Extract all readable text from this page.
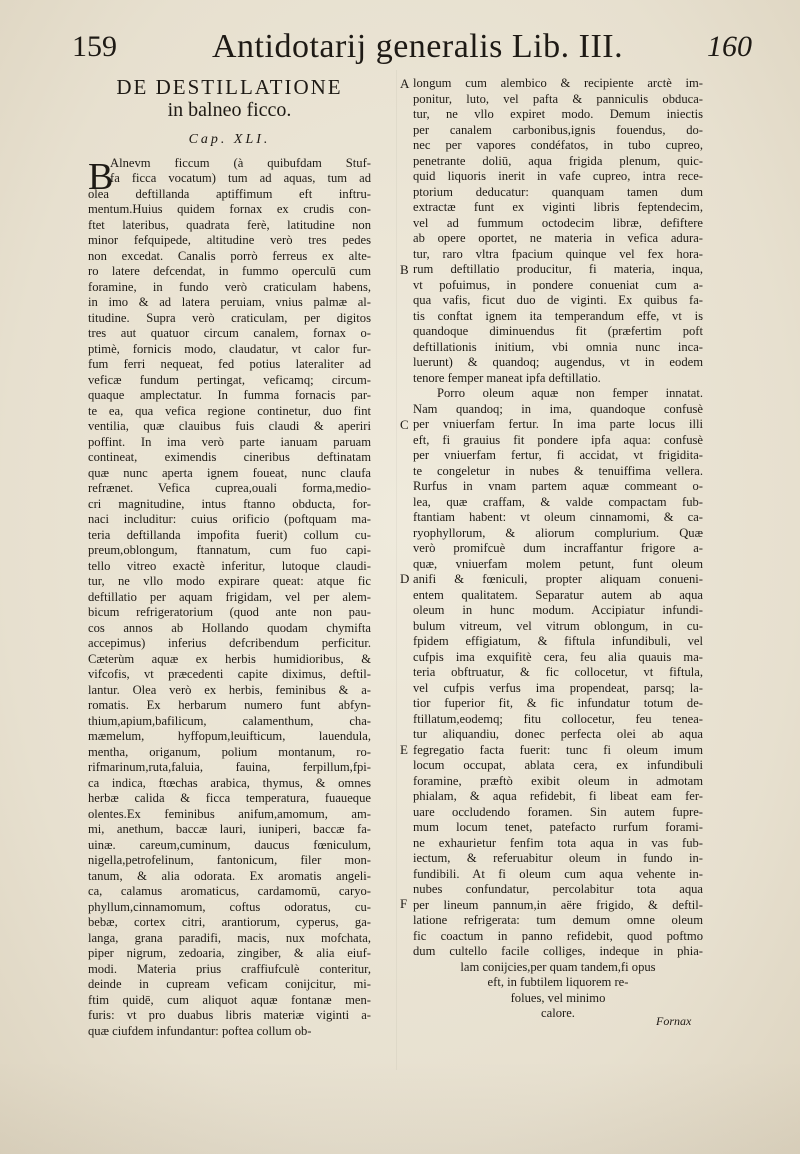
159	Antidotarij generalis Lib. III.	160
DE DESTILLATIONE
in balneo ficco.
Cap. XLI.
Alnevm ficcum (à quibufdam Stuf-
fa ficca vocatum) tum ad aquas, tum ad
olea deftillanda aptiffimum eft inftru-
mentum.Huius quidem fornax ex crudis con-
ftet lateribus, quadrata ferè, latitudine non
minor fefquipede, altitudine verò tres pedes
non excedat. Canalis porrò ferreus ex alte-
ro latere defcendat, in fummo operculū cum
foramine, in fundo verò craticulam habens,
in imo & ad latera peruiam, vnius palmæ al-
titudine. Supra verò craticulam, per digitos
tres aut quatuor circum canalem, fornax o-
ptimè, fornicis modo, claudatur, vt calor fur-
fum ferri nequeat, fed potius lateraliter ad
veficæ fundum pertingat, veficamq; circum-
quaque amplectatur. In fumma fornacis par-
te ea, qua vefica regione continetur, duo fint
ventilia, quæ clauibus fuis claudi & aperiri
poffint. In ima verò parte ianuam paruam
contineat, eximendis cineribus deftinatam
quæ nunc aperta ignem foueat, nunc claufa
refrænet. Vefica cuprea,ouali forma,medio-
cri magnitudine, intus ftanno obducta, for-
naci includitur: cuius orificio (poftquam ma-
teria deftillanda impofita fuerit) collum cu-
preum,oblongum, ftannatum, cum fuo capi-
tello vitreo exactè inferitur, lutoque claudi-
tur, ne vllo modo expirare queat: atque fic
deftillatio per aquam frigidam, vel per alem-
bicum refrigeratorium (quod ante non pau-
cos annos ab Hollando quodam chymifta
accepimus) inferius defcribendum perficitur.
Cæterùm aquæ ex herbis humidioribus, &
vifcofis, vt præcedenti capite diximus, deftil-
lantur. Olea verò ex herbis, feminibus & a-
romatis. Ex herbarum numero funt abfyn-
thium,apium,bafilicum, calamenthum, cha-
mæmelum, hyffopum,leuifticum, lauendula,
mentha, origanum, polium montanum, ro-
rifmarinum,ruta,faluia, fauina, ferpillum,fpi-
ca indica, ftœchas arabica, thymus, & omnes
herbæ calida & ficca temperatura, fuaueque
olentes.Ex feminibus anifum,amomum, am-
mi, anethum, baccæ lauri, iuniperi, baccæ fa-
uinæ. careum,cuminum, daucus fœniculum,
nigella,petrofelinum, fantonicum, filer mon-
tanum, & alia odorata. Ex aromatis angeli-
ca, calamus aromaticus, cardamomū, caryo-
phyllum,cinnamomum, coftus odoratus, cu-
bebæ, cortex citri, arantiorum, cyperus, ga-
langa, grana paradifi, macis, nux mofchata,
piper nigrum, zedoaria, zingiber, & alia eiuf-
modi. Materia prius craffiufculè conteritur,
deinde in cupream veficam conijcitur, mi-
ftim quidē, cum aliquot aquæ fontanæ men-
furis: vt pro duabus libris materiæ viginti a-
quæ ciufdem infundantur: poftea collum ob-
B
longum cum alembico & recipiente arctè im-
ponitur, luto, vel pafta & panniculis obduca-
tur, ne vllo expiret modo. Demum iniectis
per canalem carbonibus,ignis fouendus, do-
nec per vapores condéfatos, in tubo cupreo,
penetrante doliū, aqua frigida plenum, quic-
quid liquoris inerit in vafe cupreo, intra rece-
ptorium deducatur: quanquam tamen dum
extractæ funt ex viginti libris feptendecim,
vel ad fummum octodecim libræ, defiftere
ab opere oportet, ne materia in vefica adura-
tur, raro vltra fpacium quinque vel fex hora-
rum deftillatio producitur, fi materia, inqua,
vt pofuimus, in pondere conueniat cum a-
qua vafis, ficut duo de viginti. Ex quibus fa-
tis conftat ignem ita temperandum effe, vt is
quandoque diminuendus fit (præfertim poft
deftillationis initium, vbi omnia nunc inca-
luerunt) & quandoq; augendus, vt in eodem
tenore femper maneat ipfa deftillatio.
Porro oleum aquæ non femper innatat.
Nam quandoq; in ima, quandoque confusè
per vniuerfam fertur. In ima parte locus illi
eft, fi grauius fit pondere ipfa aqua: confusè
per vniuerfam fertur, fi accidat, vt frigidita-
te congeletur in nubes & tenuiffima vellera.
Rurfus in vnam partem aquæ commeant o-
lea, quæ craffam, & valde compactam fub-
ftantiam habent: vt oleum cinnamomi, & ca-
ryophyllorum, & aliorum complurium. Quæ
verò promifcuè dum incraffantur frigore a-
quæ, vniuerfam molem petunt, funt oleum
anifi & fœniculi, propter aliquam conueni-
entem qualitatem. Separatur autem ab aqua
oleum in hunc modum. Accipiatur infundi-
bulum vitreum, vel vitrum oblongum, in cu-
fpidem effigiatum, & fiftula infundibuli, vel
cufpis ima exquifitè cera, feu alia quauis ma-
teria obftruatur, & fic collocetur, vt fiftula,
vel cufpis verfus ima propendeat, parsq; la-
tior fuperior fit, & fic infundatur totum de-
ftillatum,eodemq; fitu collocetur, feu tenea-
tur aliquandiu, donec perfecta olei ab aqua
fegregatio facta fuerit: tunc fi oleum imum
locum occupat, ablata cera, ex infundibuli
foramine, præftò exibit oleum in admotam
phialam, & aqua refidebit, fi libeat eam fer-
uare occludendo foramen. Sin autem fupre-
mum locum tenet, patefacto rurfum forami-
ne exhaurietur fenfim tota aqua in vas fub-
iectum, & referuabitur oleum in fundo in-
fundibili. At fi oleum cum aqua vehente in-
nubes confundatur, percolabitur tota aqua
per lineum pannum,in aëre frigido, & deftil-
latione refrigerata: tum demum omne oleum
fic coactum in panno refidebit, quod poftmo
dum cultello facile colliges, indeque in phia-
lam conijcies,per quam tandem,fi opus
eft, in fubtilem liquorem re-
folues, vel minimo
calore.
A
B
C
D
E
F
Fornax
